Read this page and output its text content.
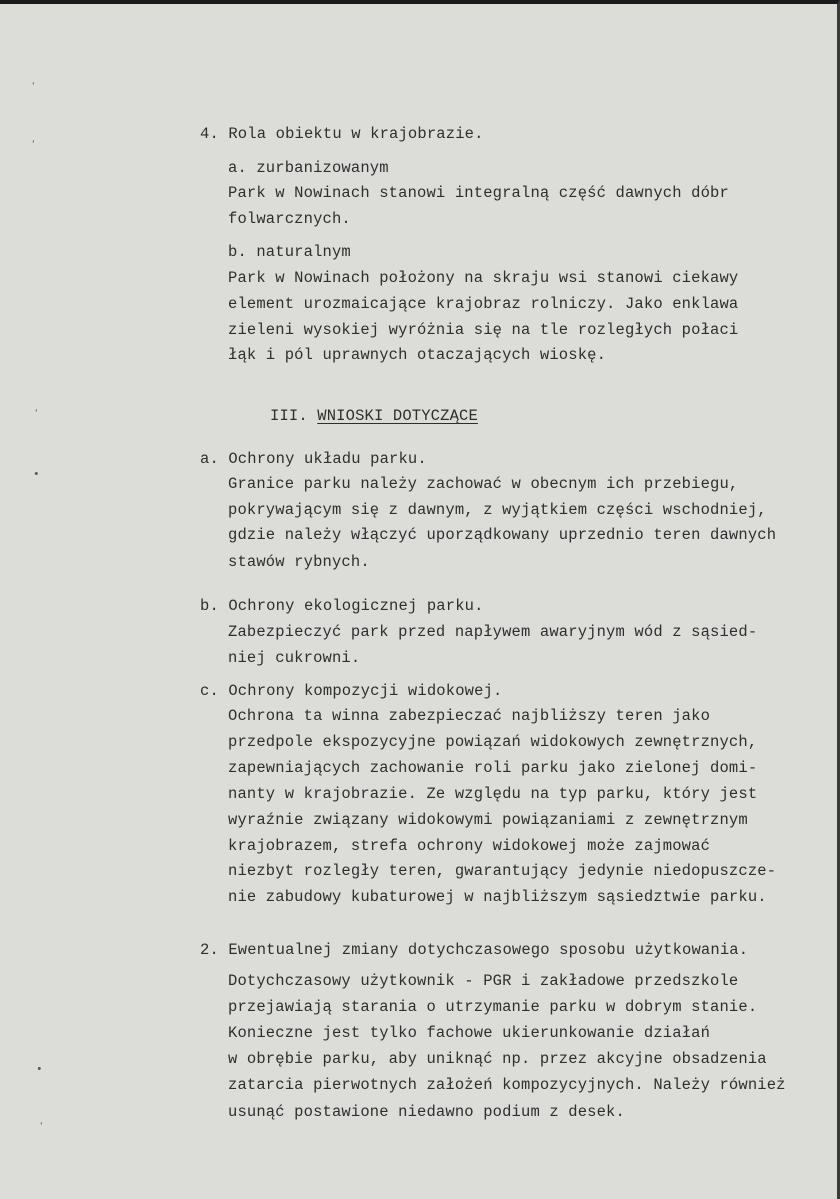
ʻ
ʻ
ʻ
•
•
ʻ
4. Rola obiektu w krajobrazie.
a. zurbanizowanym
Park w Nowinach stanowi integralną część dawnych dóbr
folwarcznych.
b. naturalnym
Park w Nowinach położony na skraju wsi stanowi ciekawy
element urozmaicające krajobraz rolniczy. Jako enklawa
zieleni wysokiej wyróżnia się na tle rozległych połaci
łąk i pól uprawnych otaczających wioskę.
III. WNIOSKI DOTYCZĄCE
a. Ochrony układu parku.
Granice parku należy zachować w obecnym ich przebiegu,
pokrywającym się z dawnym, z wyjątkiem części wschodniej,
gdzie należy włączyć uporządkowany uprzednio teren dawnych
stawów rybnych.
b. Ochrony ekologicznej parku.
Zabezpieczyć park przed napływem awaryjnym wód z sąsied-
niej cukrowni.
c. Ochrony kompozycji widokowej.
Ochrona ta winna zabezpieczać najbliższy teren jako
przedpole ekspozycyjne powiązań widokowych zewnętrznych,
zapewniających zachowanie roli parku jako zielonej domi-
nanty w krajobrazie. Ze względu na typ parku, który jest
wyraźnie związany widokowymi powiązaniami z zewnętrznym
krajobrazem, strefa ochrony widokowej może zajmować
niezbyt rozległy teren, gwarantujący jedynie niedopuszcze-
nie zabudowy kubaturowej w najbliższym sąsiedztwie parku.
2. Ewentualnej zmiany dotychczasowego sposobu użytkowania.
Dotychczasowy użytkownik - PGR i zakładowe przedszkole
przejawiają starania o utrzymanie parku w dobrym stanie.
Konieczne jest tylko fachowe ukierunkowanie działań
w obrębie parku, aby uniknąć np. przez akcyjne obsadzenia
zatarcia pierwotnych założeń kompozycyjnych. Należy również
usunąć postawione niedawno podium z desek.
